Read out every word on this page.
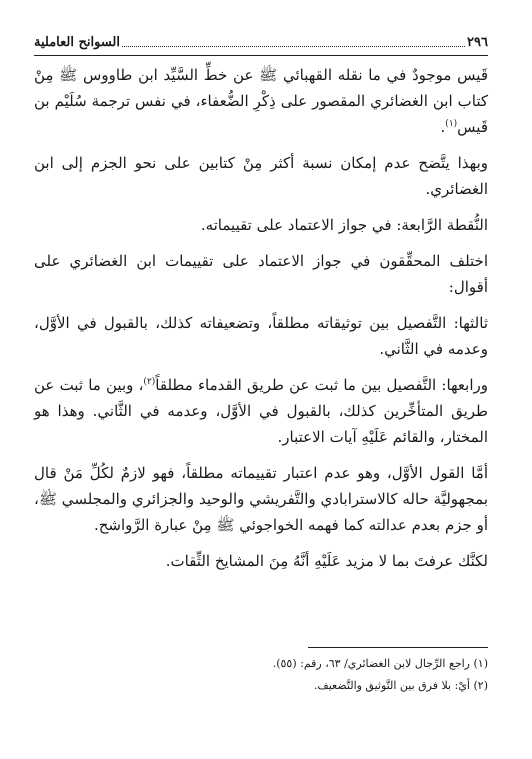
٢٩٦
السوانح العاملية

قَيس موجودٌ في ما نقله القهبائي ﷺ عن خطِّ السَّيِّد ابن طاووس ﷺ مِنْ كتاب ابن الغضائري المقصور على ذِكْرِ الضُّعفاء، في نفس ترجمة سُلَيْم بن قَيس$^{(١)}$.

وبهذا يتَّضح عدم إمكان نسبة أكثر مِنْ كتابين على نحو الجزم إلى ابن الغضائري.

النُّقطة الرَّابعة: في جواز الاعتماد على تقييماته.

اختلف المحقِّقون في جواز الاعتماد على تقييمات ابن الغضائري على أقوال:

ثالثها: التَّفصيل بين توثيقاته مطلقاً، وتضعيفاته كذلك، بالقبول في الأوَّل، وعدمه في الثَّاني.

ورابعها: التَّفصيل بين ما ثبت عن طريق القدماء مطلقاً$^{(٢)}$، وبين ما ثبت عن طريق المتأخِّرين كذلك، بالقبول في الأوَّل، وعدمه في الثَّاني. وهذا هو المختار، والقائم عَلَيْهِ آيات الاعتبار.

أمَّا القول الأوَّل، وهو عدم اعتبار تقييماته مطلقاً، فهو لازمٌ لكُلِّ مَنْ قال بمجهوليَّة حاله كالاسترابادي والتَّفريشي والوحيد والجزائري والمجلسي ﷺ، أو جزم بعدم عدالته كما فهمه الخواجوئي ﷺ مِنْ عبارة الرَّواشح.

لكنَّك عرفتَ بما لا مزيد عَلَيْهِ أنَّهُ مِنَ المشايخ الثِّقات.

(١) راجع الرِّجال لابن الغضائري/ ٦٣، رقم: (٥٥).
(٢) أيْ: بلا فرق بين التَّوثيق والتَّضعيف.
